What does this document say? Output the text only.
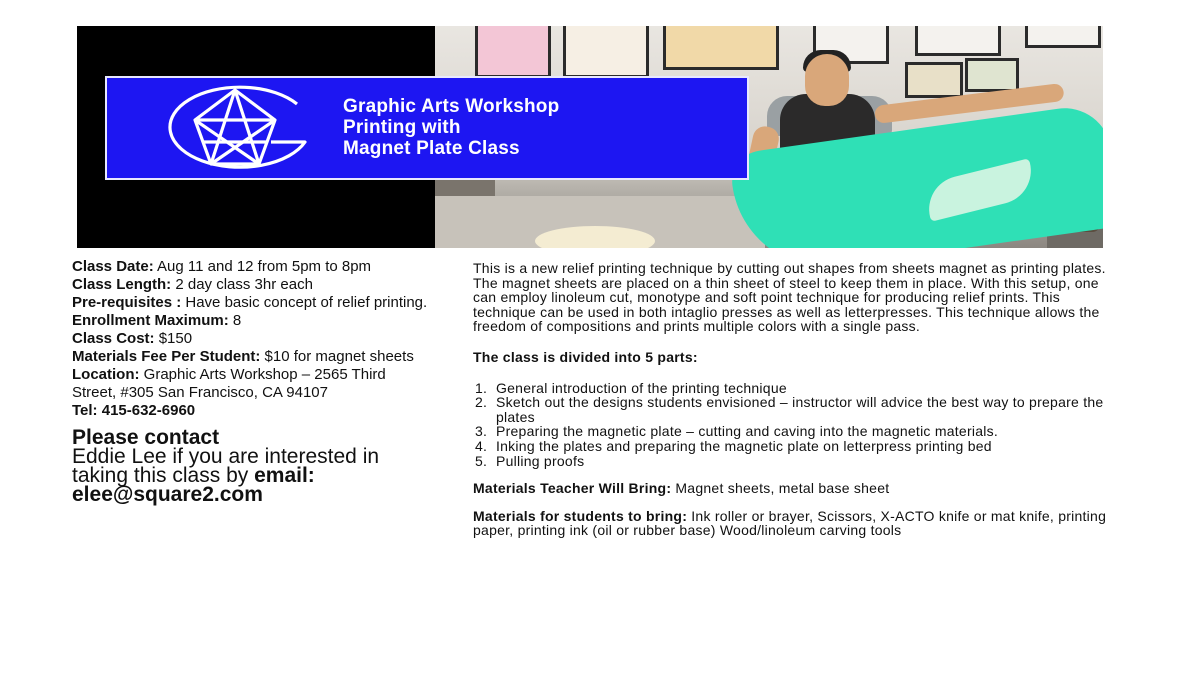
Graphic Arts Workshop
Printing with
Magnet Plate Class

Class Date: Aug 11 and 12 from 5pm to 8pm

Class Length: 2 day class 3hr each

Pre-requisites : Have basic concept of relief printing.

Enrollment Maximum: 8

Class Cost: $150

Materials Fee Per Student: $10 for magnet sheets

Location: Graphic Arts Workshop – 2565 Third Street, #305 San Francisco, CA 94107

Tel: 415-632-6960

Please contact
Eddie Lee if you are interested in taking this class by email:
elee@square2.com

This is a new relief printing technique by cutting out shapes from sheets magnet as printing plates. The magnet sheets are placed on a thin sheet of steel to keep them in place. With this setup, one can employ linoleum cut, monotype and soft point technique for producing relief prints. This technique can be used in both intaglio presses as well as letterpresses. This technique allows the freedom of compositions and prints multiple colors with a single pass.

The class is divided into 5 parts:

1. General introduction of the printing technique
2. Sketch out the designs students envisioned – instructor will advice the best way to prepare the plates
3. Preparing the magnetic plate – cutting and caving into the magnetic materials.
4. Inking the plates and preparing the magnetic plate on letterpress printing bed
5. Pulling proofs

Materials Teacher Will Bring: Magnet sheets, metal base sheet

Materials for students to bring: Ink roller or brayer, Scissors, X-ACTO knife or mat knife, printing paper, printing ink (oil or rubber base) Wood/linoleum carving tools
